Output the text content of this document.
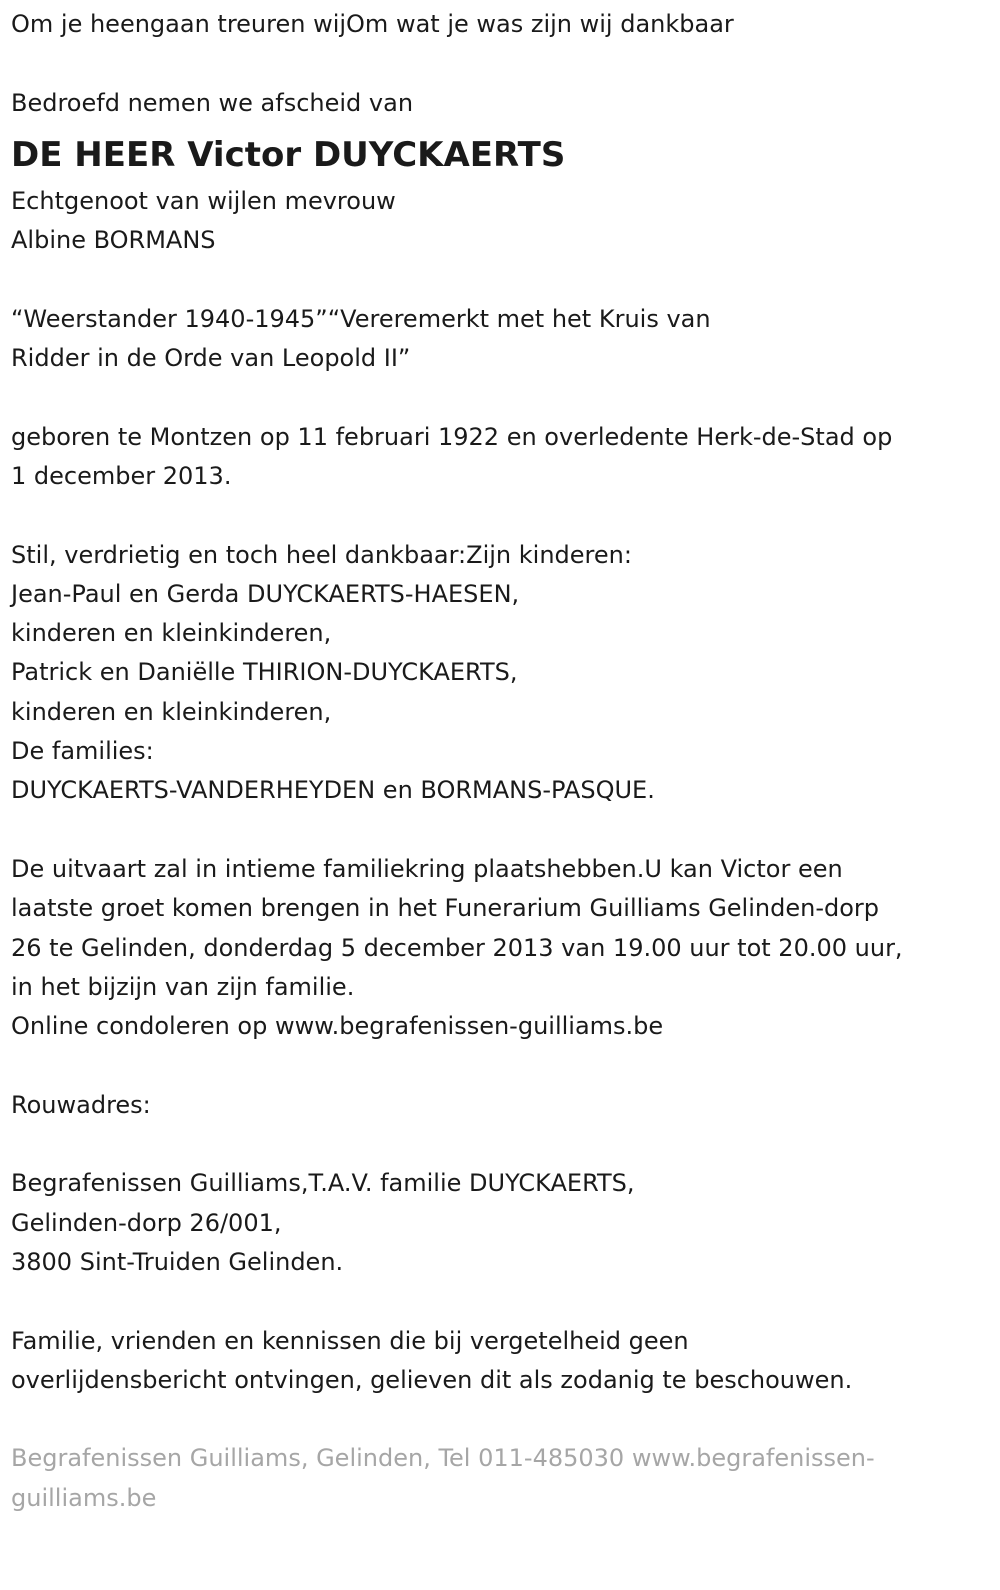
Om je heengaan treuren wijOm wat je was zijn wij dankbaar
Bedroefd nemen we afscheid van
DE HEER Victor DUYCKAERTS
Echtgenoot van wijlen mevrouw
Albine BORMANS
“Weerstander 1940-1945”“Vereremerkt met het Kruis van
Ridder in de Orde van Leopold II”
geboren te Montzen op 11 februari 1922 en overledente Herk-de-Stad op
1 december 2013.
Stil, verdrietig en toch heel dankbaar:Zijn kinderen:
Jean-Paul en Gerda DUYCKAERTS-HAESEN,
kinderen en kleinkinderen,
Patrick en Daniëlle THIRION-DUYCKAERTS,
kinderen en kleinkinderen,
De families:
DUYCKAERTS-VANDERHEYDEN en BORMANS-PASQUE.
De uitvaart zal in intieme familiekring plaatshebben.U kan Victor een
laatste groet komen brengen in het Funerarium Guilliams Gelinden-dorp
26 te Gelinden, donderdag 5 december 2013 van 19.00 uur tot 20.00 uur,
in het bijzijn van zijn familie.
Online condoleren op www.begrafenissen-guilliams.be
Rouwadres:
Begrafenissen Guilliams,T.A.V. familie DUYCKAERTS,
Gelinden-dorp 26/001,
3800 Sint-Truiden Gelinden.
Familie, vrienden en kennissen die bij vergetelheid geen
overlijdensbericht ontvingen, gelieven dit als zodanig te beschouwen.
Begrafenissen Guilliams, Gelinden, Tel 011-485030 www.begrafenissen-
guilliams.be
